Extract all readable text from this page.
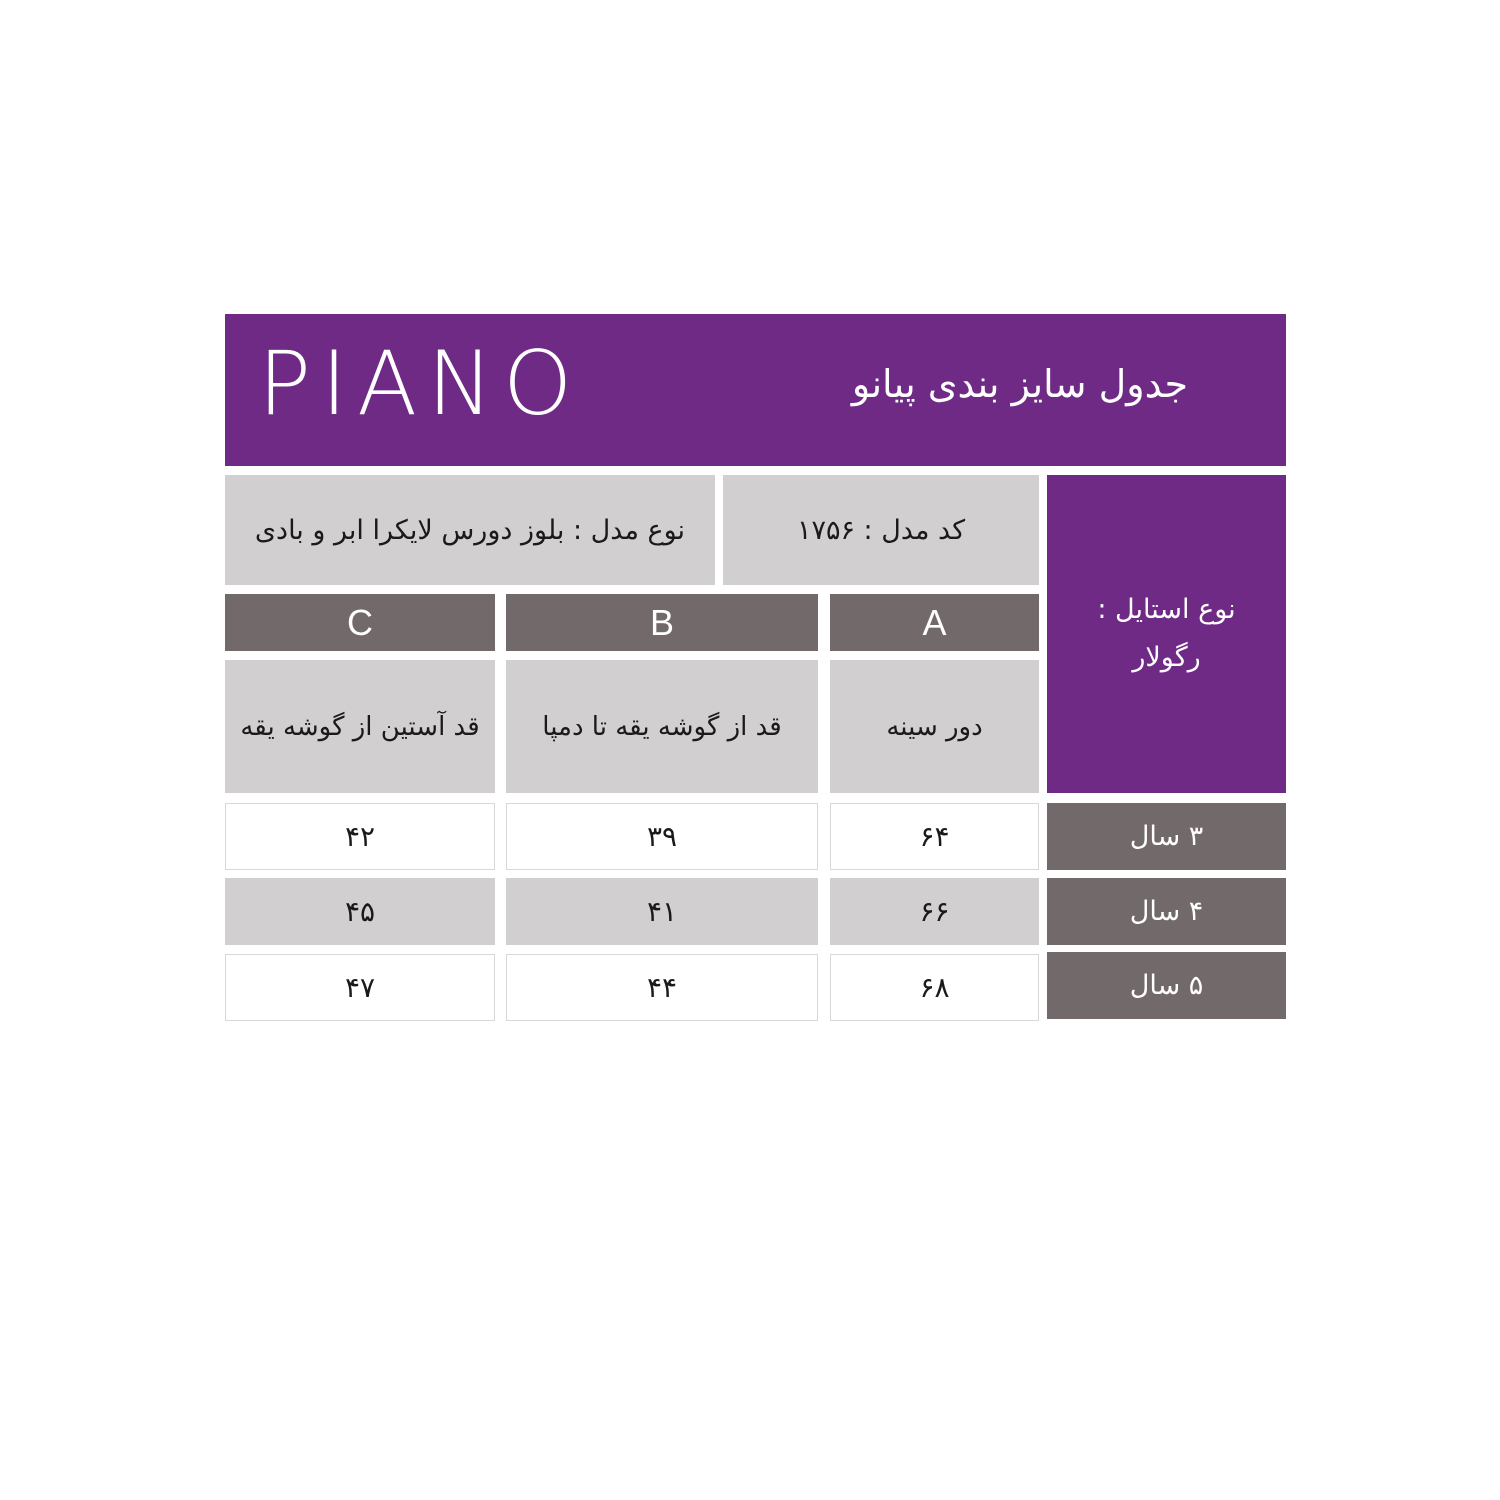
PIANO	جدول سایز بندی پیانو
نوع مدل : بلوز دورس لایکرا ابر و بادی	کد مدل : ۱۷۵۶
نوع استایل :
رگولار
C	B	A
قد آستین از گوشه یقه	قد از گوشه یقه تا دمپا	دور سینه
۴۲	۳۹	۶۴	۳ سال
۴۵	۴۱	۶۶	۴ سال
۴۷	۴۴	۶۸	۵ سال
